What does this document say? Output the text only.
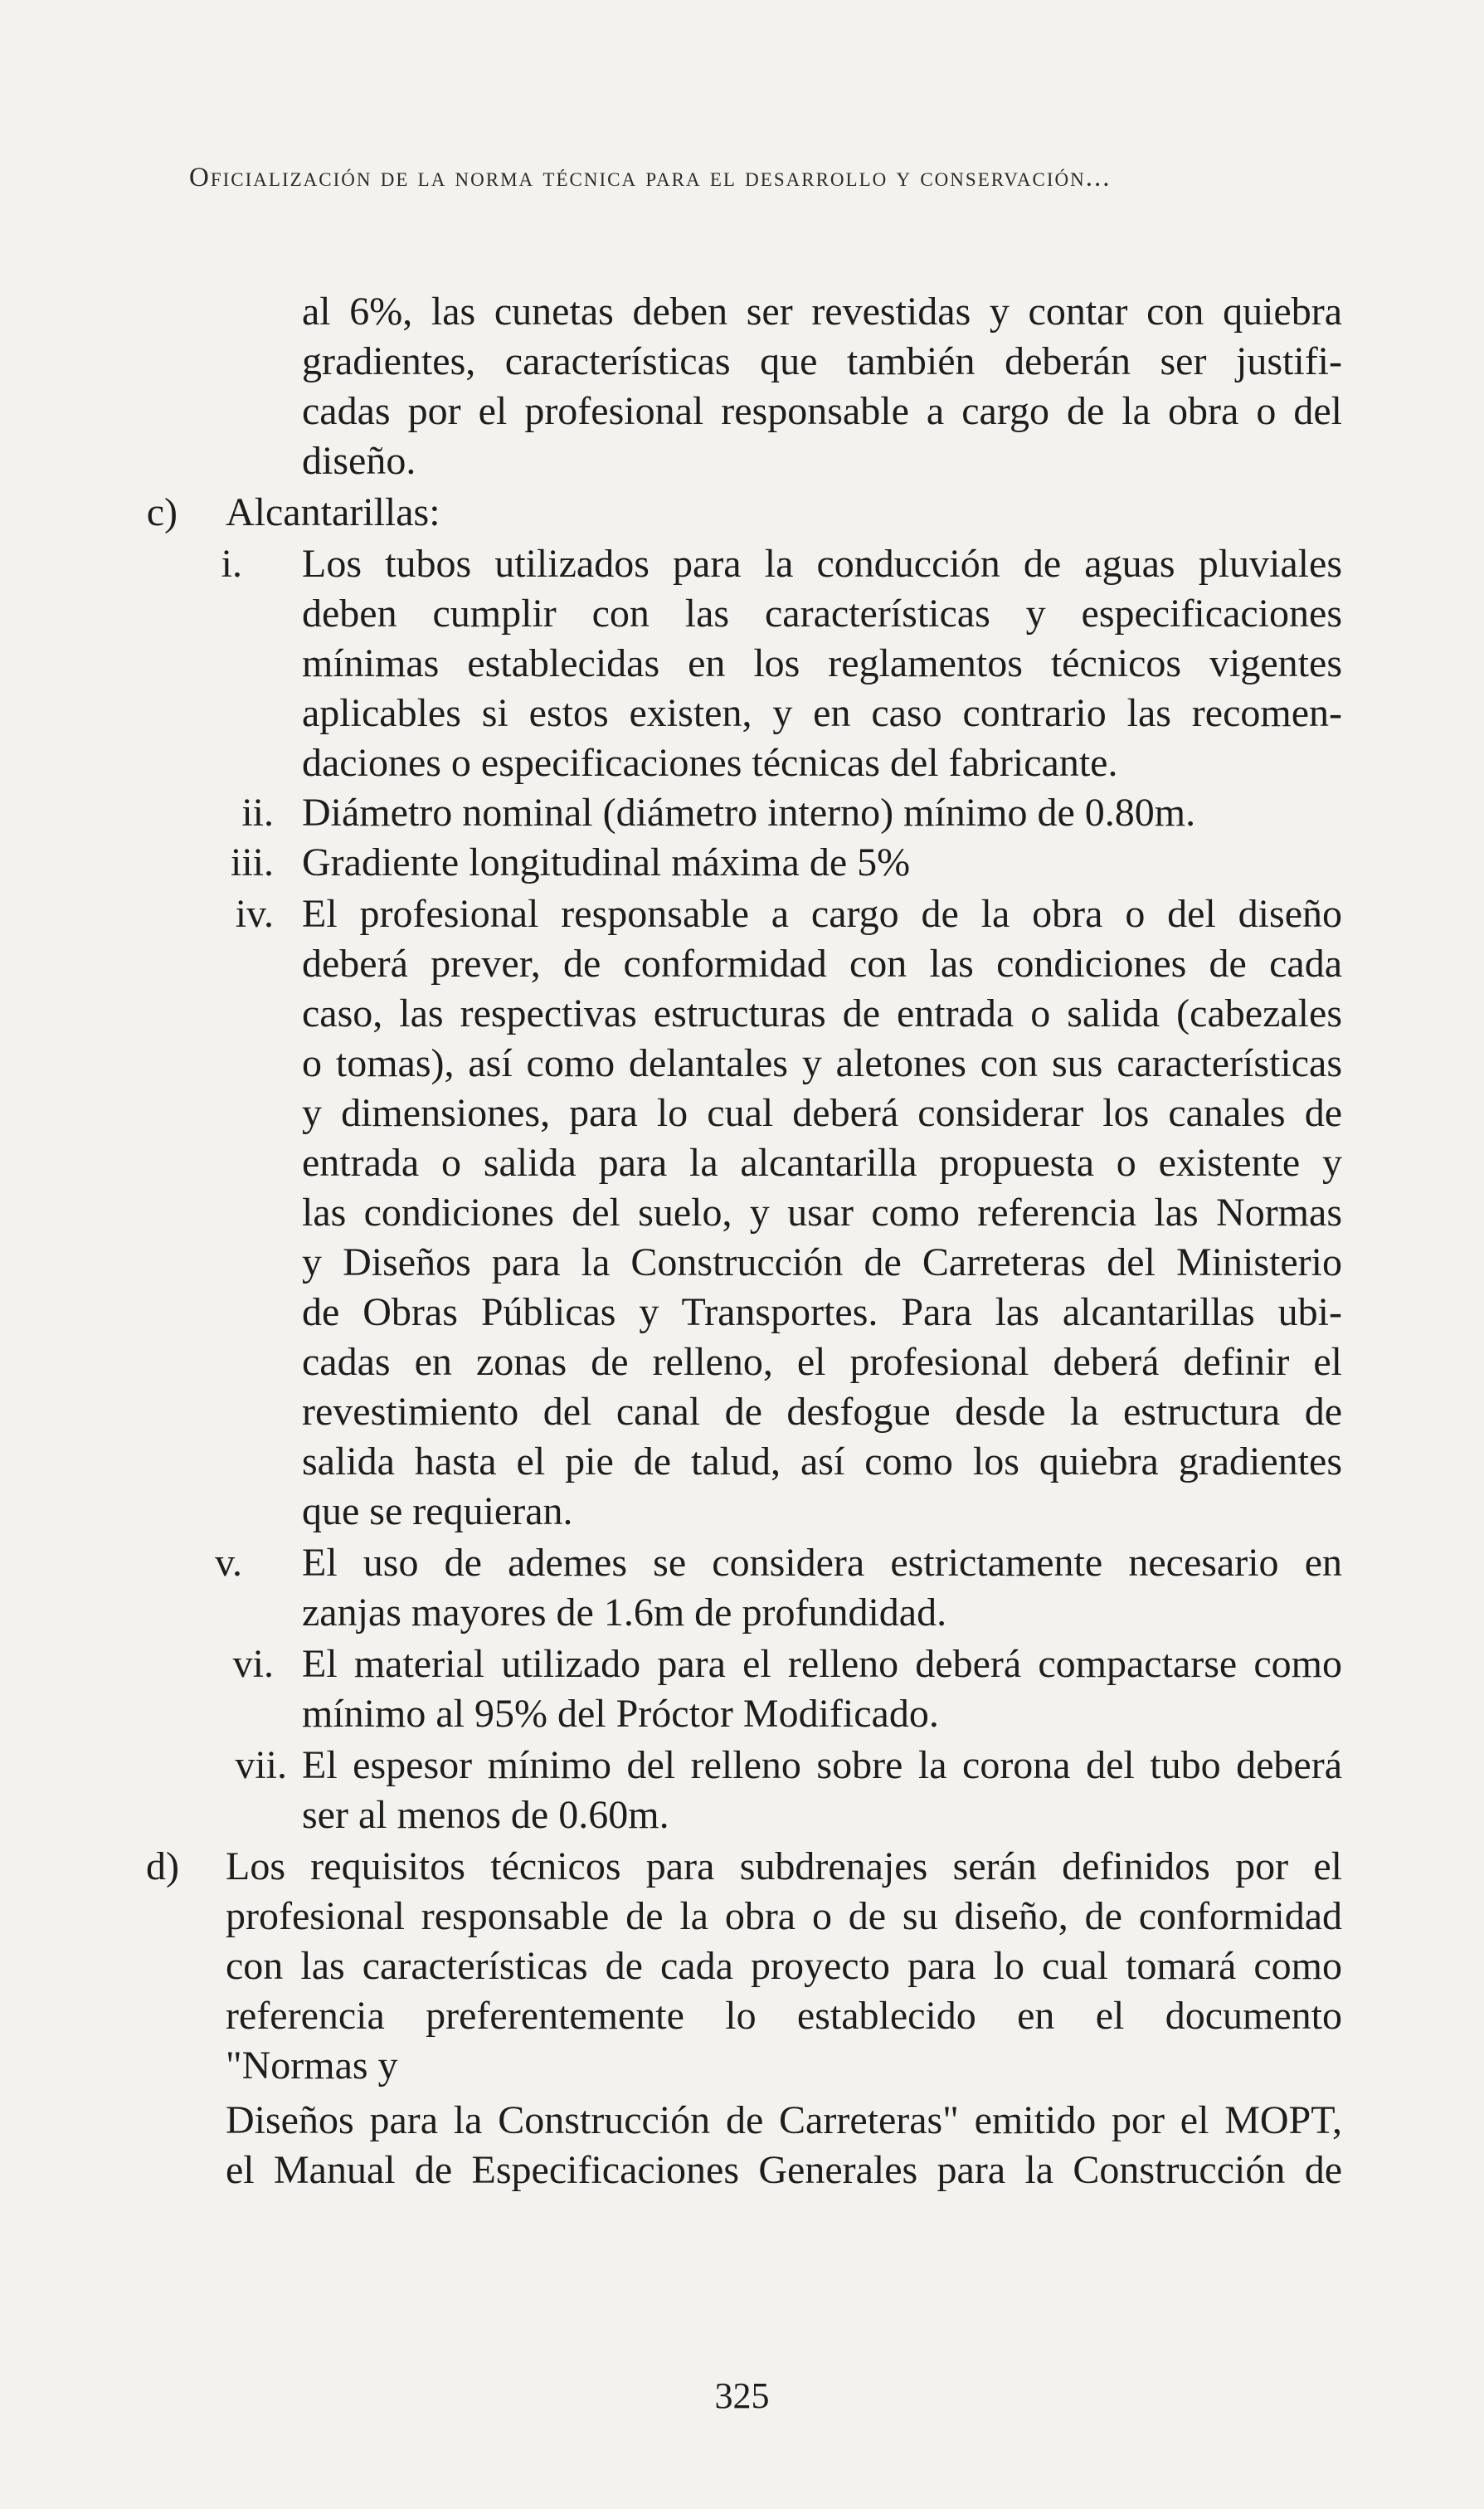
Oficialización de la norma técnica para el desarrollo y conservación...
al 6%, las cunetas deben ser revestidas y contar con quiebra
gradientes, características que también deberán ser justifi-
cadas por el profesional responsable a cargo de la obra o del
diseño.
c) Alcantarillas:
i. Los tubos utilizados para la conducción de aguas pluviales
deben cumplir con las características y especificaciones
mínimas establecidas en los reglamentos técnicos vigentes
aplicables si estos existen, y en caso contrario las recomen-
daciones o especificaciones técnicas del fabricante.
ii. Diámetro nominal (diámetro interno) mínimo de 0.80m.
iii. Gradiente longitudinal máxima de 5%
iv. El profesional responsable a cargo de la obra o del diseño
deberá prever, de conformidad con las condiciones de cada
caso, las respectivas estructuras de entrada o salida (cabezales
o tomas), así como delantales y aletones con sus características
y dimensiones, para lo cual deberá considerar los canales de
entrada o salida para la alcantarilla propuesta o existente y
las condiciones del suelo, y usar como referencia las Normas
y Diseños para la Construcción de Carreteras del Ministerio
de Obras Públicas y Transportes. Para las alcantarillas ubi-
cadas en zonas de relleno, el profesional deberá definir el
revestimiento del canal de desfogue desde la estructura de
salida hasta el pie de talud, así como los quiebra gradientes
que se requieran.
v. El uso de ademes se considera estrictamente necesario en
zanjas mayores de 1.6m de profundidad.
vi. El material utilizado para el relleno deberá compactarse como
mínimo al 95% del Próctor Modificado.
vii. El espesor mínimo del relleno sobre la corona del tubo deberá
ser al menos de 0.60m.
d) Los requisitos técnicos para subdrenajes serán definidos por el
profesional responsable de la obra o de su diseño, de conformidad
con las características de cada proyecto para lo cual tomará como
referencia preferentemente lo establecido en el documento
"Normas y
Diseños para la Construcción de Carreteras" emitido por el MOPT,
el Manual de Especificaciones Generales para la Construcción de
325
